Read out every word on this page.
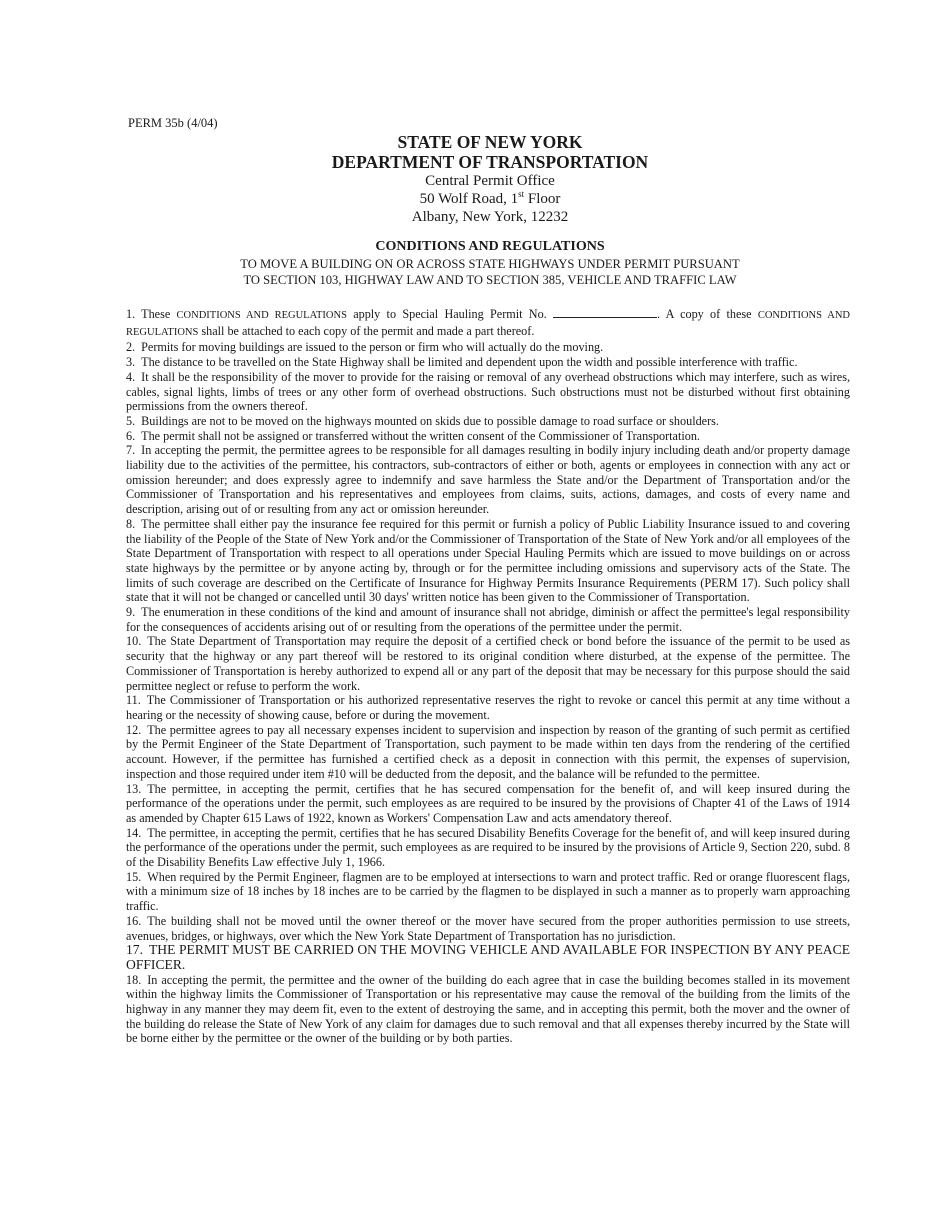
PERM 35b (4/04)
STATE OF NEW YORK
DEPARTMENT OF TRANSPORTATION
Central Permit Office
50 Wolf Road, 1st Floor
Albany, New York, 12232
CONDITIONS AND REGULATIONS
TO MOVE A BUILDING ON OR ACROSS STATE HIGHWAYS UNDER PERMIT PURSUANT
TO SECTION 103, HIGHWAY LAW AND TO SECTION 385, VEHICLE AND TRAFFIC LAW

1. These CONDITIONS AND REGULATIONS apply to Special Hauling Permit No.	. A copy of these CONDITIONS AND REGULATIONS shall be attached to each copy of the permit and made a part thereof.

2. Permits for moving buildings are issued to the person or firm who will actually do the moving.

3. The distance to be travelled on the State Highway shall be limited and dependent upon the width and possible interference with traffic.

4. It shall be the responsibility of the mover to provide for the raising or removal of any overhead obstructions which may interfere, such as wires, cables, signal lights, limbs of trees or any other form of overhead obstructions. Such obstructions must not be disturbed without first obtaining permissions from the owners thereof.

5. Buildings are not to be moved on the highways mounted on skids due to possible damage to road surface or shoulders.

6. The permit shall not be assigned or transferred without the written consent of the Commissioner of Transportation.

7. In accepting the permit, the permittee agrees to be responsible for all damages resulting in bodily injury including death and/or property damage liability due to the activities of the permittee, his contractors, sub-contractors of either or both, agents or employees in connection with any act or omission hereunder; and does expressly agree to indemnify and save harmless the State and/or the Department of Transportation and/or the Commissioner of Transportation and his representatives and employees from claims, suits, actions, damages, and costs of every name and description, arising out of or resulting from any act or omission hereunder.

8. The permittee shall either pay the insurance fee required for this permit or furnish a policy of Public Liability Insurance issued to and covering the liability of the People of the State of New York and/or the Commissioner of Transportation of the State of New York and/or all employees of the State Department of Transportation with respect to all operations under Special Hauling Permits which are issued to move buildings on or across state highways by the permittee or by anyone acting by, through or for the permittee including omissions and supervisory acts of the State. The limits of such coverage are described on the Certificate of Insurance for Highway Permits Insurance Requirements (PERM 17). Such policy shall state that it will not be changed or cancelled until 30 days' written notice has been given to the Commissioner of Transportation.

9. The enumeration in these conditions of the kind and amount of insurance shall not abridge, diminish or affect the permittee's legal responsibility for the consequences of accidents arising out of or resulting from the operations of the permittee under the permit.

10. The State Department of Transportation may require the deposit of a certified check or bond before the issuance of the permit to be used as security that the highway or any part thereof will be restored to its original condition where disturbed, at the expense of the permittee. The Commissioner of Transportation is hereby authorized to expend all or any part of the deposit that may be necessary for this purpose should the said permittee neglect or refuse to perform the work.

11. The Commissioner of Transportation or his authorized representative reserves the right to revoke or cancel this permit at any time without a hearing or the necessity of showing cause, before or during the movement.

12. The permittee agrees to pay all necessary expenses incident to supervision and inspection by reason of the granting of such permit as certified by the Permit Engineer of the State Department of Transportation, such payment to be made within ten days from the rendering of the certified account. However, if the permittee has furnished a certified check as a deposit in connection with this permit, the expenses of supervision, inspection and those required under item #10 will be deducted from the deposit, and the balance will be refunded to the permittee.

13. The permittee, in accepting the permit, certifies that he has secured compensation for the benefit of, and will keep insured during the performance of the operations under the permit, such employees as are required to be insured by the provisions of Chapter 41 of the Laws of 1914 as amended by Chapter 615 Laws of 1922, known as Workers' Compensation Law and acts amendatory thereof.

14. The permittee, in accepting the permit, certifies that he has secured Disability Benefits Coverage for the benefit of, and will keep insured during the performance of the operations under the permit, such employees as are required to be insured by the provisions of Article 9, Section 220, subd. 8 of the Disability Benefits Law effective July 1, 1966.

15. When required by the Permit Engineer, flagmen are to be employed at intersections to warn and protect traffic. Red or orange fluorescent flags, with a minimum size of 18 inches by 18 inches are to be carried by the flagmen to be displayed in such a manner as to properly warn approaching traffic.

16. The building shall not be moved until the owner thereof or the mover have secured from the proper authorities permission to use streets, avenues, bridges, or highways, over which the New York State Department of Transportation has no jurisdiction.

17. THE PERMIT MUST BE CARRIED ON THE MOVING VEHICLE AND AVAILABLE FOR INSPECTION BY ANY PEACE OFFICER.

18. In accepting the permit, the permittee and the owner of the building do each agree that in case the building becomes stalled in its movement within the highway limits the Commissioner of Transportation or his representative may cause the removal of the building from the limits of the highway in any manner they may deem fit, even to the extent of destroying the same, and in accepting this permit, both the mover and the owner of the building do release the State of New York of any claim for damages due to such removal and that all expenses thereby incurred by the State will be borne either by the permittee or the owner of the building or by both parties.
